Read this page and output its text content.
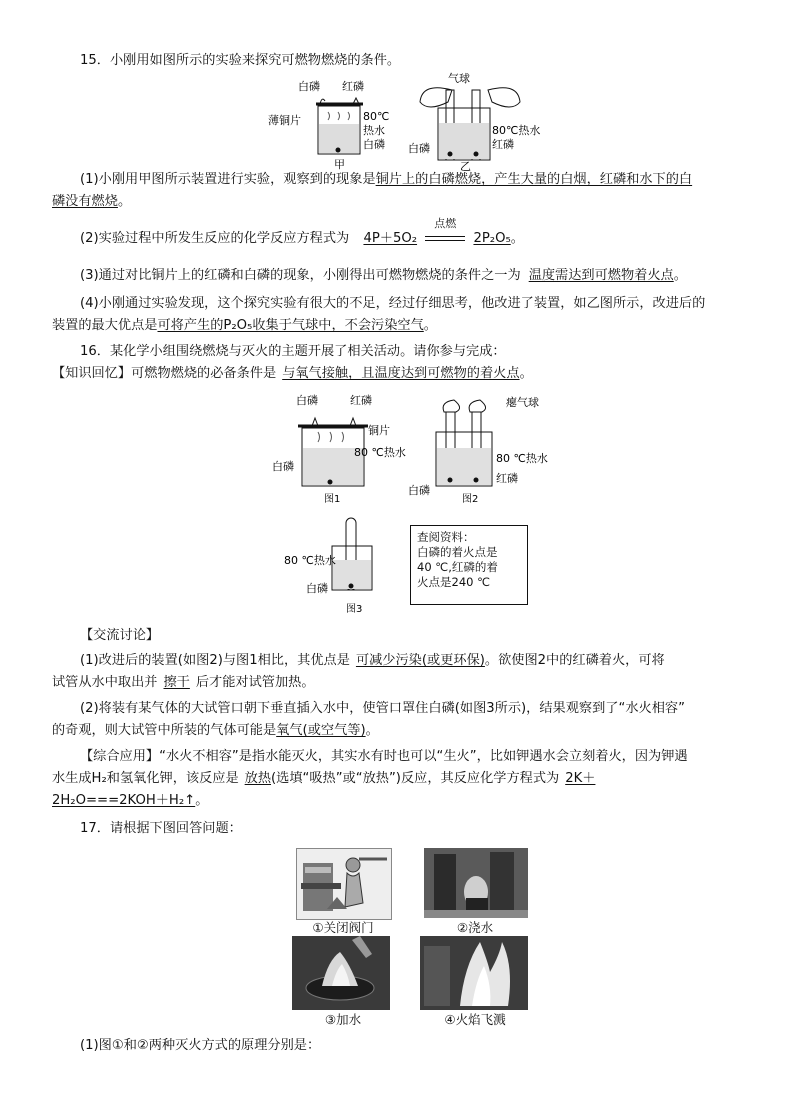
15．小刚用如图所示的实验来探究可燃物燃烧的条件。
白磷 红磷
薄铜片	80℃
热水
白磷
甲
气球
80℃热水
红磷
白磷
乙
(1)小刚用甲图所示装置进行实验，观察到的现象是铜片上的白磷燃烧，产生大量的白烟，红磷和水下的白
磷没有燃烧。
(2)实验过程中所发生反应的化学反应方程式为 4P＋5O₂
点燃
2P₂O₅。
(3)通过对比铜片上的红磷和白磷的现象，小刚得出可燃物燃烧的条件之一为 温度需达到可燃物着火点。
(4)小刚通过实验发现，这个探究实验有很大的不足，经过仔细思考，他改进了装置，如乙图所示，改进后的
装置的最大优点是可将产生的P₂O₅收集于气球中，不会污染空气。
16．某化学小组围绕燃烧与灭火的主题开展了相关活动。请你参与完成：
【知识回忆】可燃物燃烧的必备条件是 与氧气接触，且温度达到可燃物的着火点。
白磷	红磷
铜片
80 ℃热水
白磷
图1
瘪气球
80 ℃热水
红磷
白磷
图2
80 ℃热水
白磷
图3
查阅资料：
白磷的着火点是
40 ℃,红磷的着
火点是240 ℃
【交流讨论】
(1)改进后的装置(如图2)与图1相比，其优点是 可减少污染(或更环保)。欲使图2中的红磷着火，可将
试管从水中取出并 擦干 后才能对试管加热。
(2)将装有某气体的大试管口朝下垂直插入水中，使管口罩住白磷(如图3所示)，结果观察到了“水火相容”
的奇观，则大试管中所装的气体可能是氧气(或空气等)。
【综合应用】“水火不相容”是指水能灭火，其实水有时也可以“生火”，比如钾遇水会立刻着火，因为钾遇
水生成H₂和氢氧化钾，该反应是 放热(选填“吸热”或“放热”)反应，其反应化学方程式为 2K＋
2H₂O===2KOH＋H₂↑。
17．请根据下图回答问题：
①关闭阀门	②浇水
③加水	④火焰飞溅
(1)图①和②两种灭火方式的原理分别是：
